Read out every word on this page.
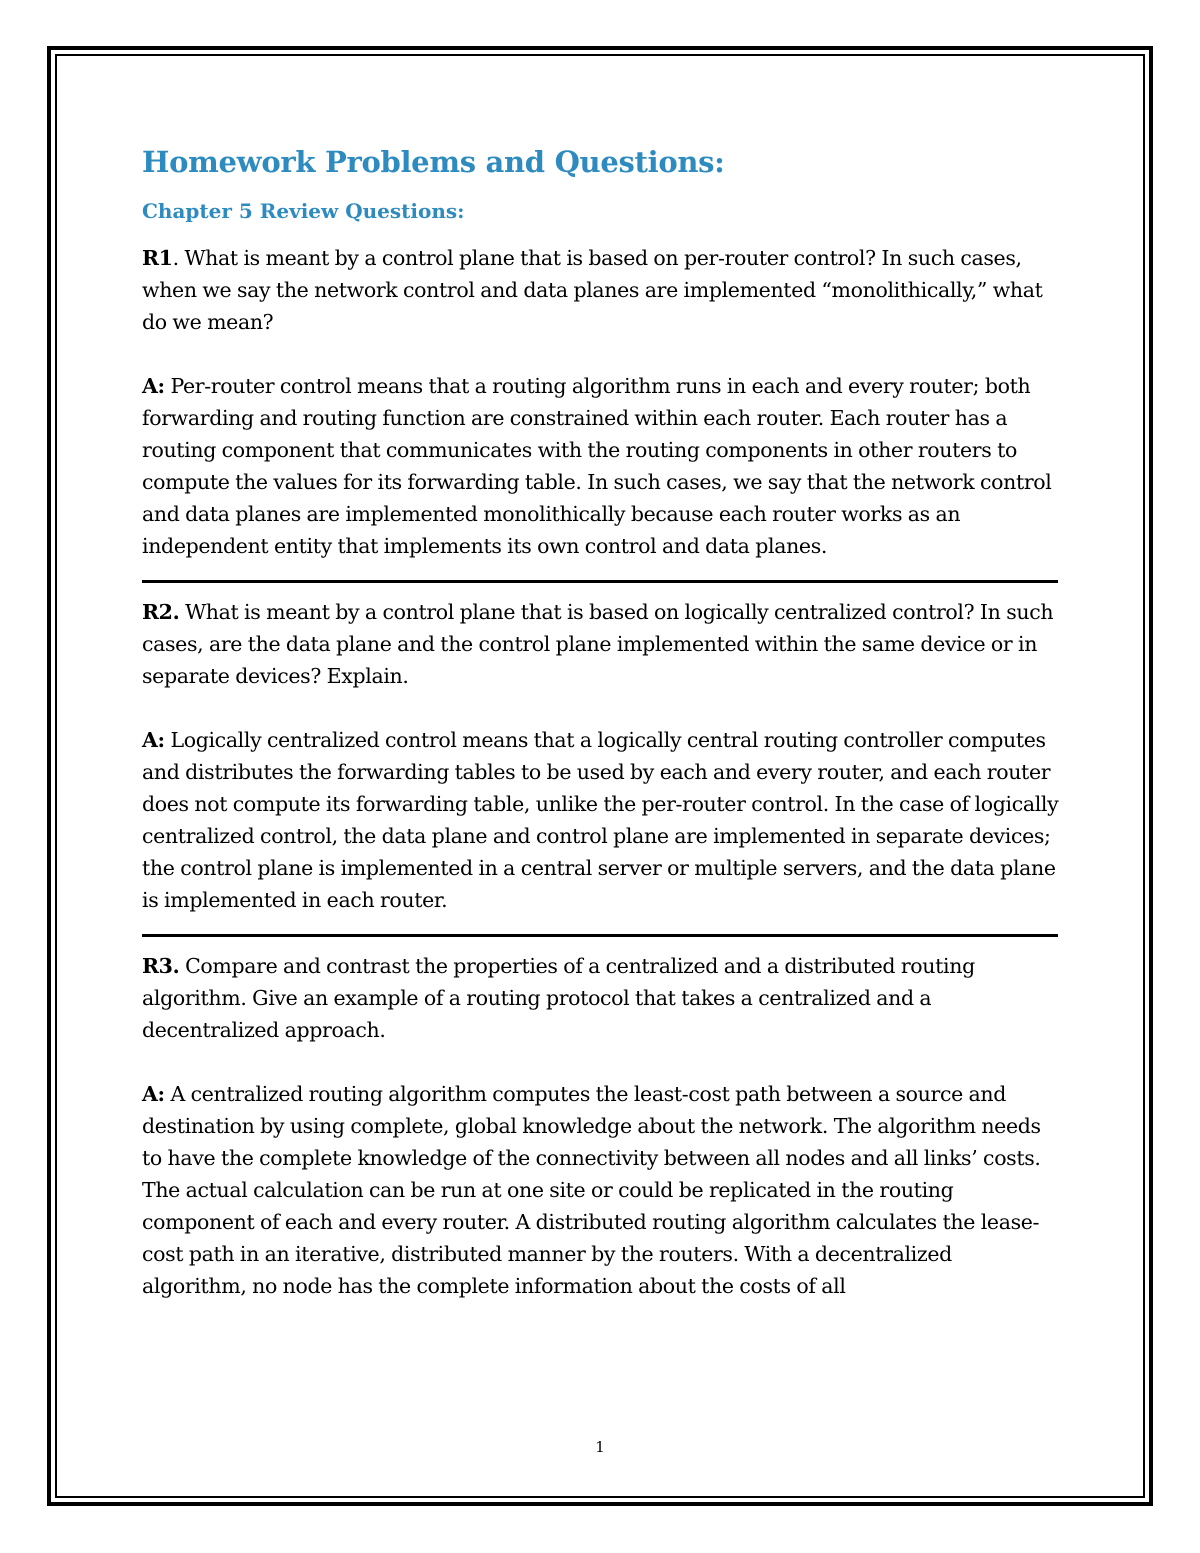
Homework Problems and Questions:
Chapter 5 Review Questions:

R1. What is meant by a control plane that is based on per-router control? In such cases, when we say the network control and data planes are implemented “monolithically,” what do we mean?

A: Per-router control means that a routing algorithm runs in each and every router; both forwarding and routing function are constrained within each router. Each router has a routing component that communicates with the routing components in other routers to compute the values for its forwarding table. In such cases, we say that the network control and data planes are implemented monolithically because each router works as an independent entity that implements its own control and data planes.

R2. What is meant by a control plane that is based on logically centralized control? In such cases, are the data plane and the control plane implemented within the same device or in separate devices? Explain.

A: Logically centralized control means that a logically central routing controller computes and distributes the forwarding tables to be used by each and every router, and each router does not compute its forwarding table, unlike the per-router control. In the case of logically centralized control, the data plane and control plane are implemented in separate devices; the control plane is implemented in a central server or multiple servers, and the data plane is implemented in each router.

R3. Compare and contrast the properties of a centralized and a distributed routing algorithm. Give an example of a routing protocol that takes a centralized and a decentralized approach.

A: A centralized routing algorithm computes the least-cost path between a source and destination by using complete, global knowledge about the network. The algorithm needs to have the complete knowledge of the connectivity between all nodes and all links’ costs. The actual calculation can be run at one site or could be replicated in the routing component of each and every router. A distributed routing algorithm calculates the lease-cost path in an iterative, distributed manner by the routers. With a decentralized algorithm, no node has the complete information about the costs of all

1
